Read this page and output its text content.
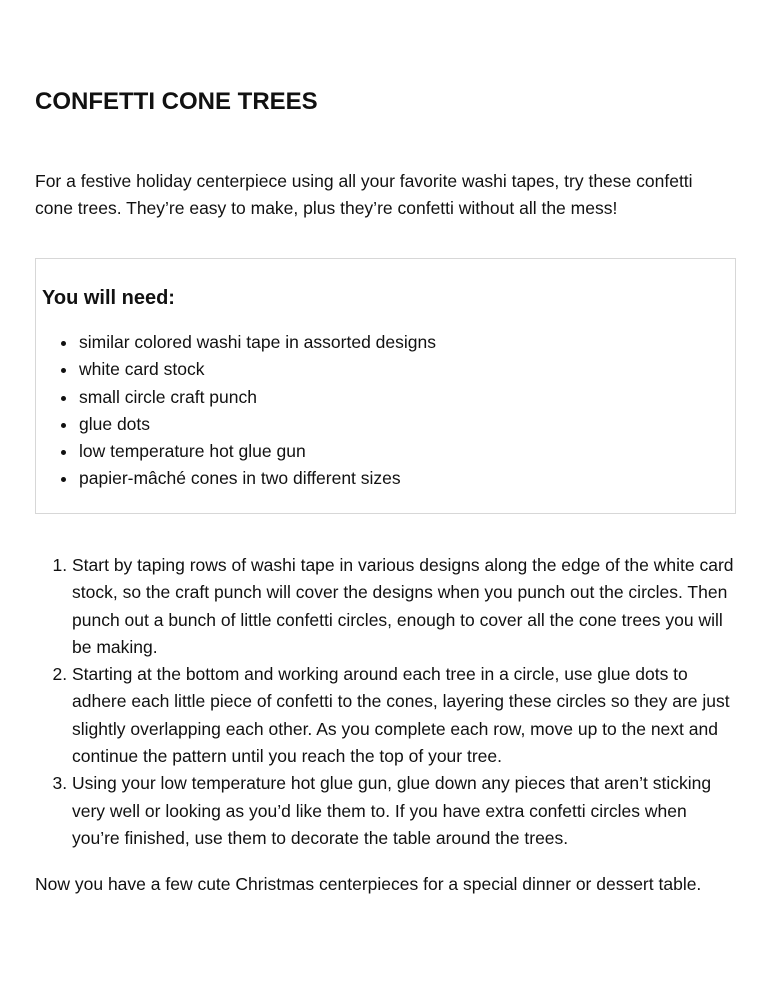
CONFETTI CONE TREES

For a festive holiday centerpiece using all your favorite washi tapes, try these confetti cone trees. They’re easy to make, plus they’re confetti without all the mess!

You will need:
• similar colored washi tape in assorted designs
• white card stock
• small circle craft punch
• glue dots
• low temperature hot glue gun
• papier-mâché cones in two different sizes
1. Start by taping rows of washi tape in various designs along the edge of the white card stock, so the craft punch will cover the designs when you punch out the circles. Then punch out a bunch of little confetti circles, enough to cover all the cone trees you will be making.
2. Starting at the bottom and working around each tree in a circle, use glue dots to adhere each little piece of confetti to the cones, layering these circles so they are just slightly overlapping each other. As you complete each row, move up to the next and continue the pattern until you reach the top of your tree.
3. Using your low temperature hot glue gun, glue down any pieces that aren’t sticking very well or looking as you’d like them to. If you have extra confetti circles when you’re finished, use them to decorate the table around the trees.

Now you have a few cute Christmas centerpieces for a special dinner or dessert table.
